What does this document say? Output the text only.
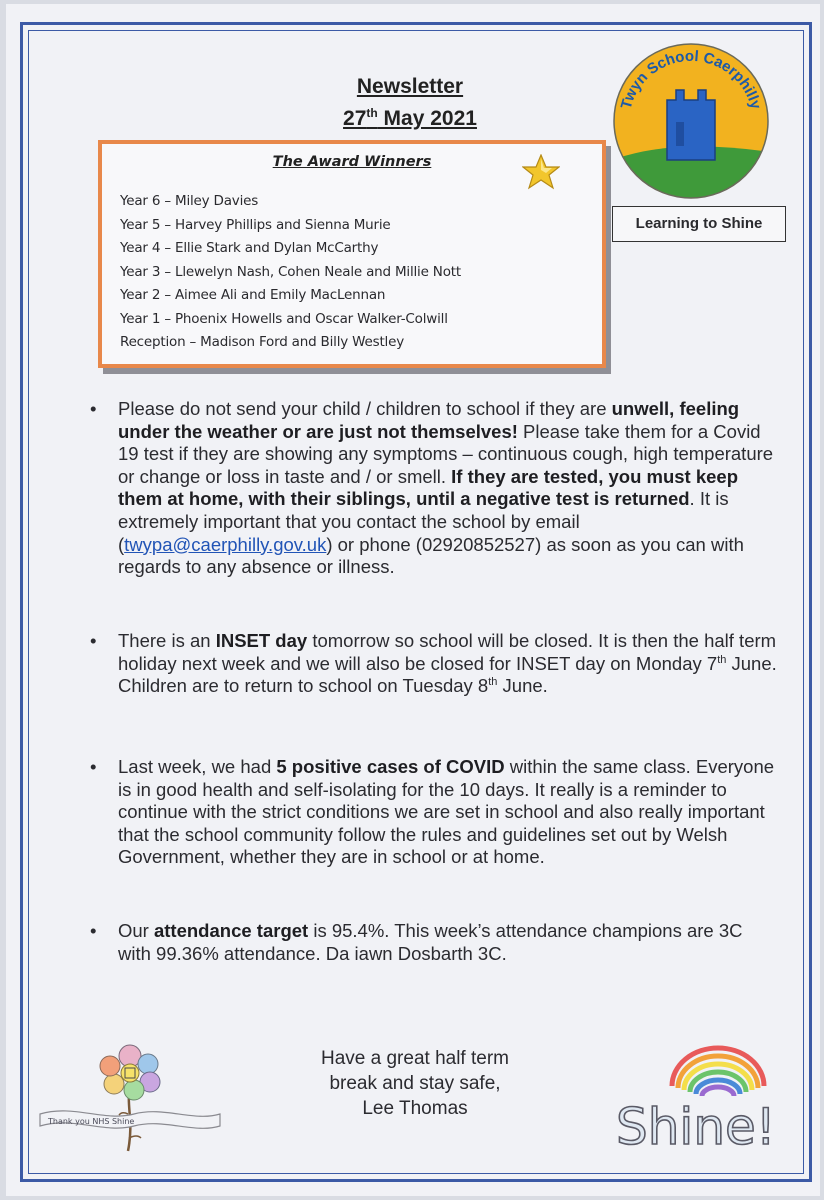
Newsletter
27th May 2021
Twyn School Caerphilly
Learning to Shine
The Award Winners
Year 6 – Miley Davies
Year 5 – Harvey Phillips and Sienna Murie
Year 4 – Ellie Stark and Dylan McCarthy
Year 3 – Llewelyn Nash, Cohen Neale and Millie Nott
Year 2 – Aimee Ali and Emily MacLennan
Year 1 – Phoenix Howells and Oscar Walker-Colwill
Reception – Madison Ford and Billy Westley
• Please do not send your child / children to school if they are unwell, feeling under the weather or are just not themselves! Please take them for a Covid 19 test if they are showing any symptoms – continuous cough, high temperature or change or loss in taste and / or smell. If they are tested, you must keep them at home, with their siblings, until a negative test is returned. It is extremely important that you contact the school by email (twypa@caerphilly.gov.uk) or phone (02920852527) as soon as you can with regards to any absence or illness.
• There is an INSET day tomorrow so school will be closed. It is then the half term holiday next week and we will also be closed for INSET day on Monday 7th June. Children are to return to school on Tuesday 8th June.
• Last week, we had 5 positive cases of COVID within the same class. Everyone is in good health and self-isolating for the 10 days. It really is a reminder to continue with the strict conditions we are set in school and also really important that the school community follow the rules and guidelines set out by Welsh Government, whether they are in school or at home.
• Our attendance target is 95.4%. This week’s attendance champions are 3C with 99.36% attendance. Da iawn Dosbarth 3C.
Thank you NHS Shine
Have a great half term
break and stay safe,
Lee Thomas	Shine!
